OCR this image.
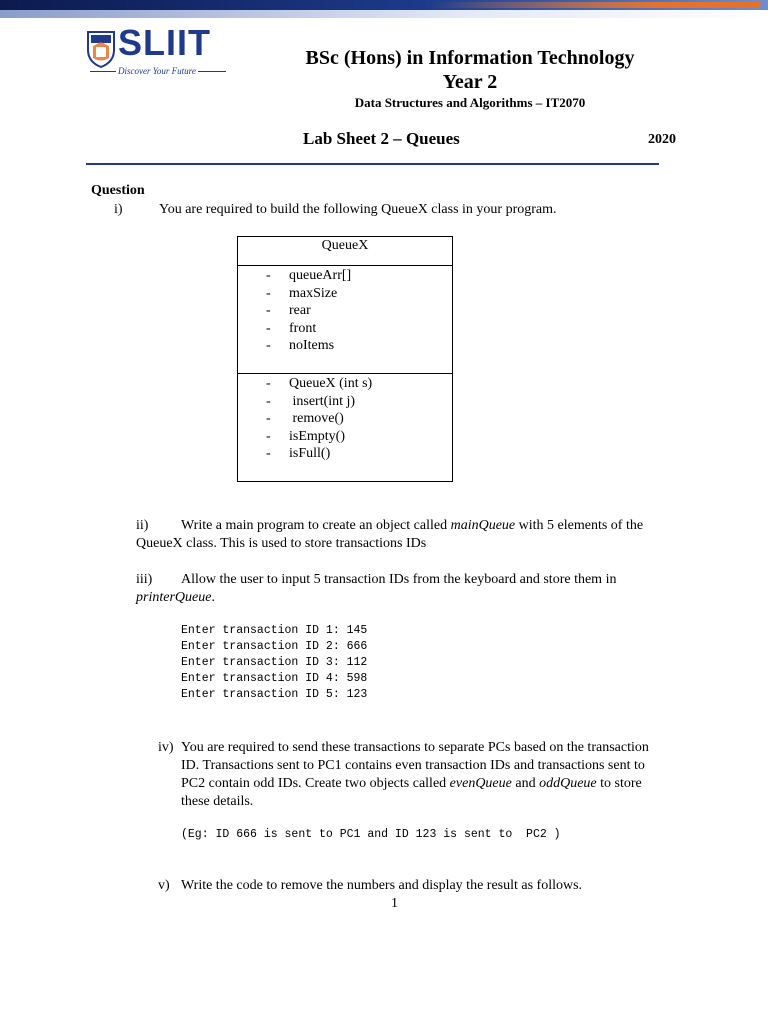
SLIIT
Discover Your Future
BSc (Hons) in Information Technology
Year 2
Data Structures and Algorithms – IT2070
Lab Sheet 2 – Queues	2020
Question
i)	You are required to build the following QueueX class in your program.
QueueX
- queueArr[]
- maxSize
- rear
- front
- noItems
- QueueX (int s)
- insert(int j)
- remove()
- isEmpty()
- isFull()
ii) Write a main program to create an object called mainQueue with 5 elements of the
QueueX class. This is used to store transactions IDs
iii) Allow the user to input 5 transaction IDs from the keyboard and store them in
printerQueue.
Enter transaction ID 1: 145
Enter transaction ID 2: 666
Enter transaction ID 3: 112
Enter transaction ID 4: 598
Enter transaction ID 5: 123
iv) You are required to send these transactions to separate PCs based on the transaction
ID. Transactions sent to PC1 contains even transaction IDs and transactions sent to
PC2 contain odd IDs. Create two objects called evenQueue and oddQueue to store
these details.
(Eg: ID 666 is sent to PC1 and ID 123 is sent to  PC2 )
v) Write the code to remove the numbers and display the result as follows.
1
